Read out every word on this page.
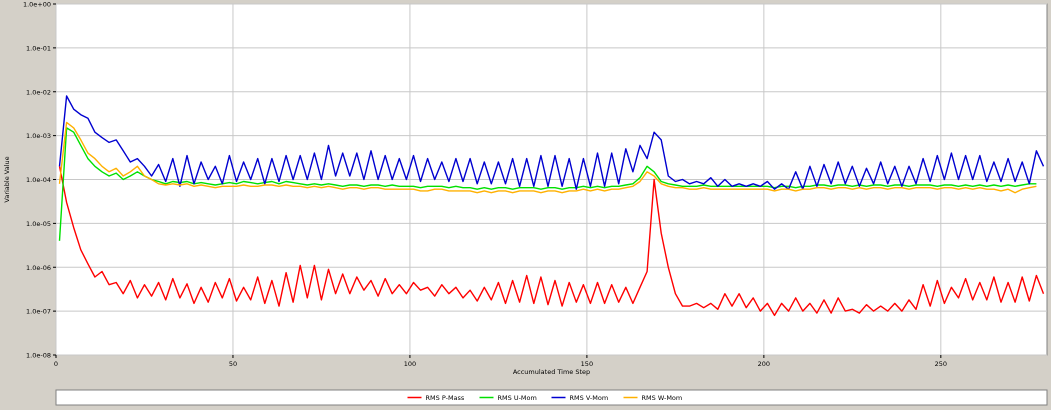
1.0e+00
1.0e-01
1.0e-02
1.0e-03
1.0e-04
1.0e-05
1.0e-06
1.0e-07
1.0e-08
0	50	100	150	200	250
Accumulated Time Step
Variable Value
RMS P-Mass	RMS U-Mom	RMS V-Mom	RMS W-Mom
